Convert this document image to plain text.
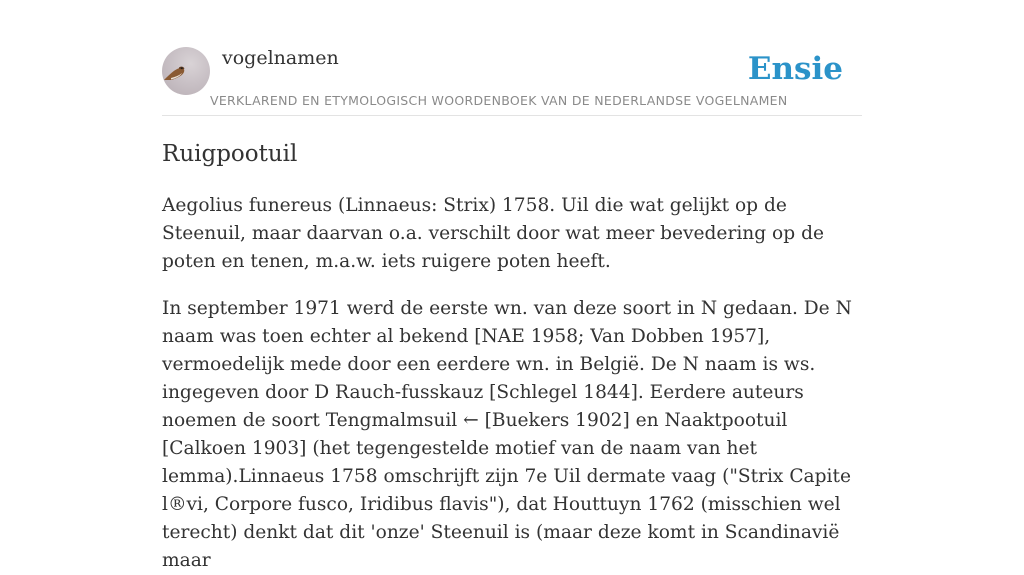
vogelnamen
VERKLAREND EN ETYMOLOGISCH WOORDENBOEK VAN DE NEDERLANDSE VOGELNAMEN
Ensie
Ruigpootuil

Aegolius funereus (Linnaeus: Strix) 1758. Uil die wat gelijkt op de Steenuil, maar daarvan o.a. verschilt door wat meer bevedering op de poten en tenen, m.a.w. iets ruigere poten heeft.

In september 1971 werd de eerste wn. van deze soort in N gedaan. De N naam was toen echter al bekend [NAE 1958; Van Dobben 1957], vermoedelijk mede door een eerdere wn. in België. De N naam is ws. ingegeven door D Rauch-fusskauz [Schlegel 1844]. Eerdere auteurs noemen de soort Tengmalmsuil ← [Buekers 1902] en Naaktpootuil [Calkoen 1903] (het tegengestelde motief van de naam van het lemma).Linnaeus 1758 omschrijft zijn 7e Uil dermate vaag ("Strix Capite l®vi, Corpore fusco, Iridibus flavis"), dat Houttuyn 1762 (misschien wel terecht) denkt dat dit 'onze' Steenuil is (maar deze komt in Scandinavië maar
